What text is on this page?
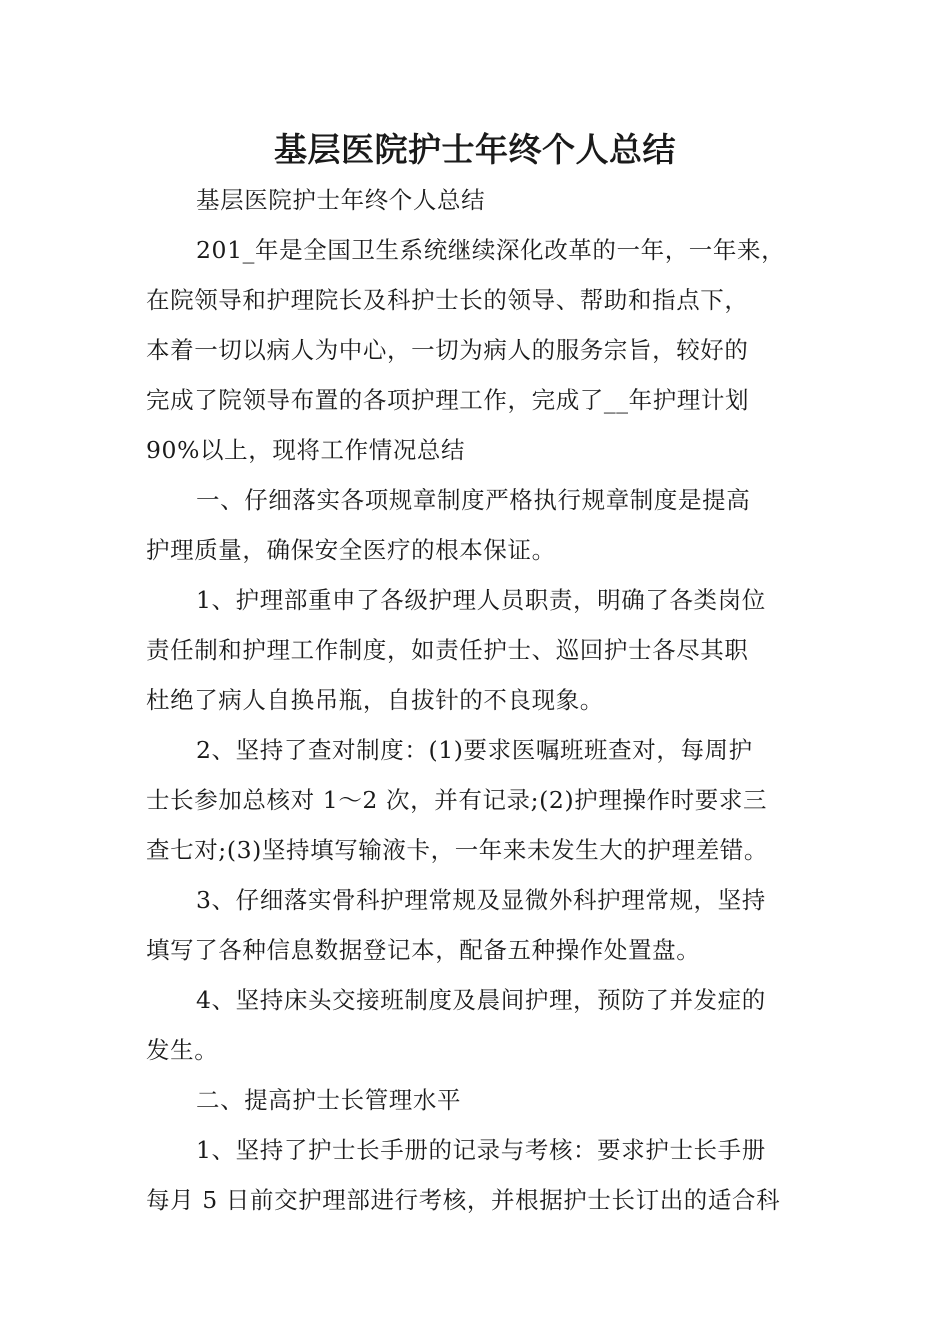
基层医院护士年终个人总结
基层医院护士年终个人总结
201_年是全国卫生系统继续深化改革的一年，一年来，
在院领导和护理院长及科护士长的领导、帮助和指点下，
本着一切以病人为中心，一切为病人的服务宗旨，较好的
完成了院领导布置的各项护理工作，完成了__年护理计划
90%以上，现将工作情况总结
一、仔细落实各项规章制度严格执行规章制度是提高
护理质量，确保安全医疗的根本保证。
1、护理部重申了各级护理人员职责，明确了各类岗位
责任制和护理工作制度，如责任护士、巡回护士各尽其职
杜绝了病人自换吊瓶，自拔针的不良现象。
2、坚持了查对制度：(1)要求医嘱班班查对，每周护
士长参加总核对 1～2 次，并有记录;(2)护理操作时要求三
查七对;(3)坚持填写输液卡，一年来未发生大的护理差错。
3、仔细落实骨科护理常规及显微外科护理常规，坚持
填写了各种信息数据登记本，配备五种操作处置盘。
4、坚持床头交接班制度及晨间护理，预防了并发症的
发生。
二、提高护士长管理水平
1、坚持了护士长手册的记录与考核：要求护士长手册
每月 5 日前交护理部进行考核，并根据护士长订出的适合科
